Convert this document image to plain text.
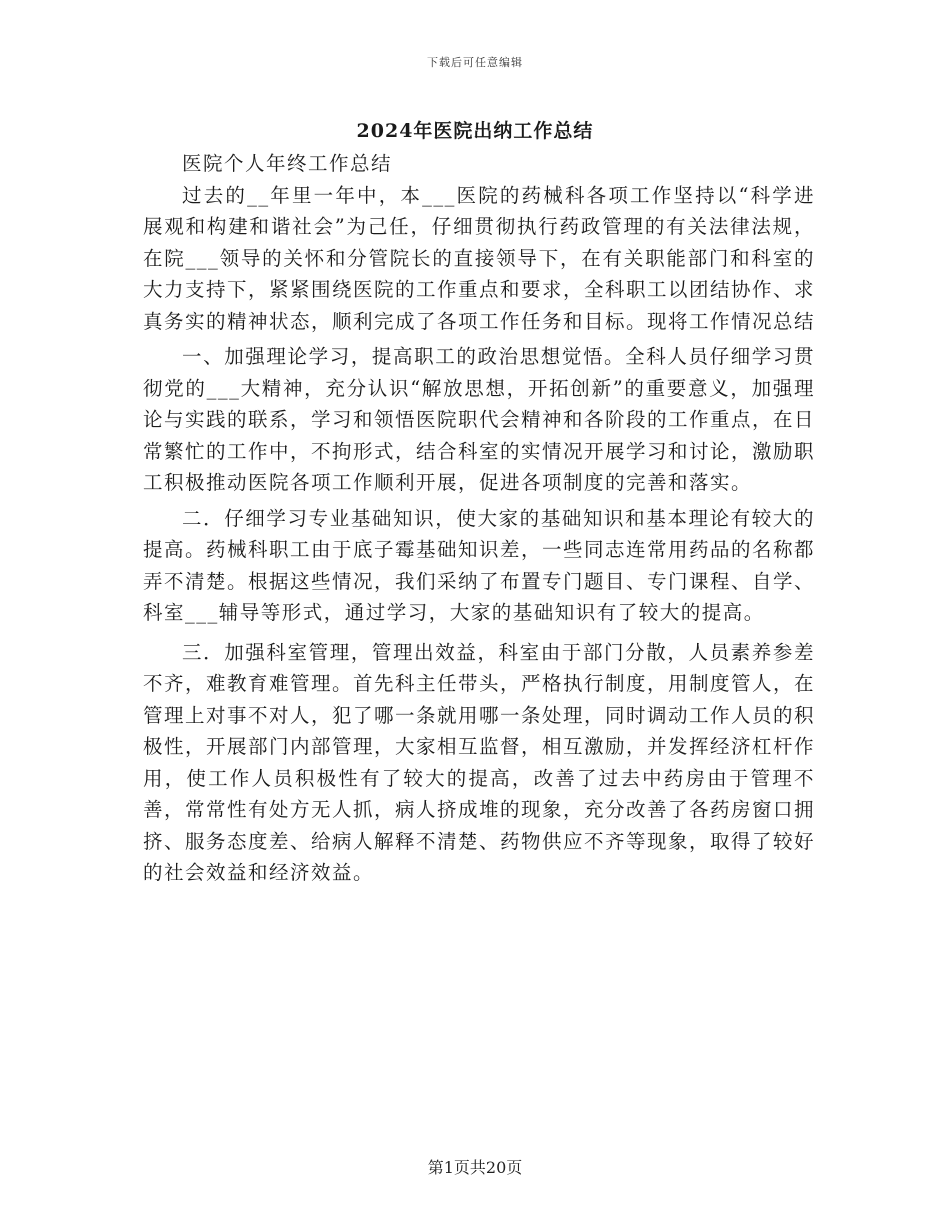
下载后可任意编辑
2024年医院出纳工作总结

医院个人年终工作总结

过去的__年里一年中，本___医院的药械科各项工作坚持以“科学进展观和构建和谐社会”为己任，仔细贯彻执行药政管理的有关法律法规，在院___领导的关怀和分管院长的直接领导下，在有关职能部门和科室的大力支持下，紧紧围绕医院的工作重点和要求，全科职工以团结协作、求真务实的精神状态，顺利完成了各项工作任务和目标。现将工作情况总结

一、加强理论学习，提高职工的政治思想觉悟。全科人员仔细学习贯彻党的___大精神，充分认识“解放思想，开拓创新”的重要意义，加强理论与实践的联系，学习和领悟医院职代会精神和各阶段的工作重点，在日常繁忙的工作中，不拘形式，结合科室的实情况开展学习和讨论，激励职工积极推动医院各项工作顺利开展，促进各项制度的完善和落实。

二．仔细学习专业基础知识，使大家的基础知识和基本理论有较大的提高。药械科职工由于底子霉基础知识差，一些同志连常用药品的名称都弄不清楚。根据这些情况，我们采纳了布置专门题目、专门课程、自学、科室___辅导等形式，通过学习，大家的基础知识有了较大的提高。

三．加强科室管理，管理出效益，科室由于部门分散，人员素养参差不齐，难教育难管理。首先科主任带头，严格执行制度，用制度管人，在管理上对事不对人，犯了哪一条就用哪一条处理，同时调动工作人员的积极性，开展部门内部管理，大家相互监督，相互激励，并发挥经济杠杆作用，使工作人员积极性有了较大的提高，改善了过去中药房由于管理不善，常常性有处方无人抓，病人挤成堆的现象，充分改善了各药房窗口拥挤、服务态度差、给病人解释不清楚、药物供应不齐等现象，取得了较好的社会效益和经济效益。

第1页共20页
